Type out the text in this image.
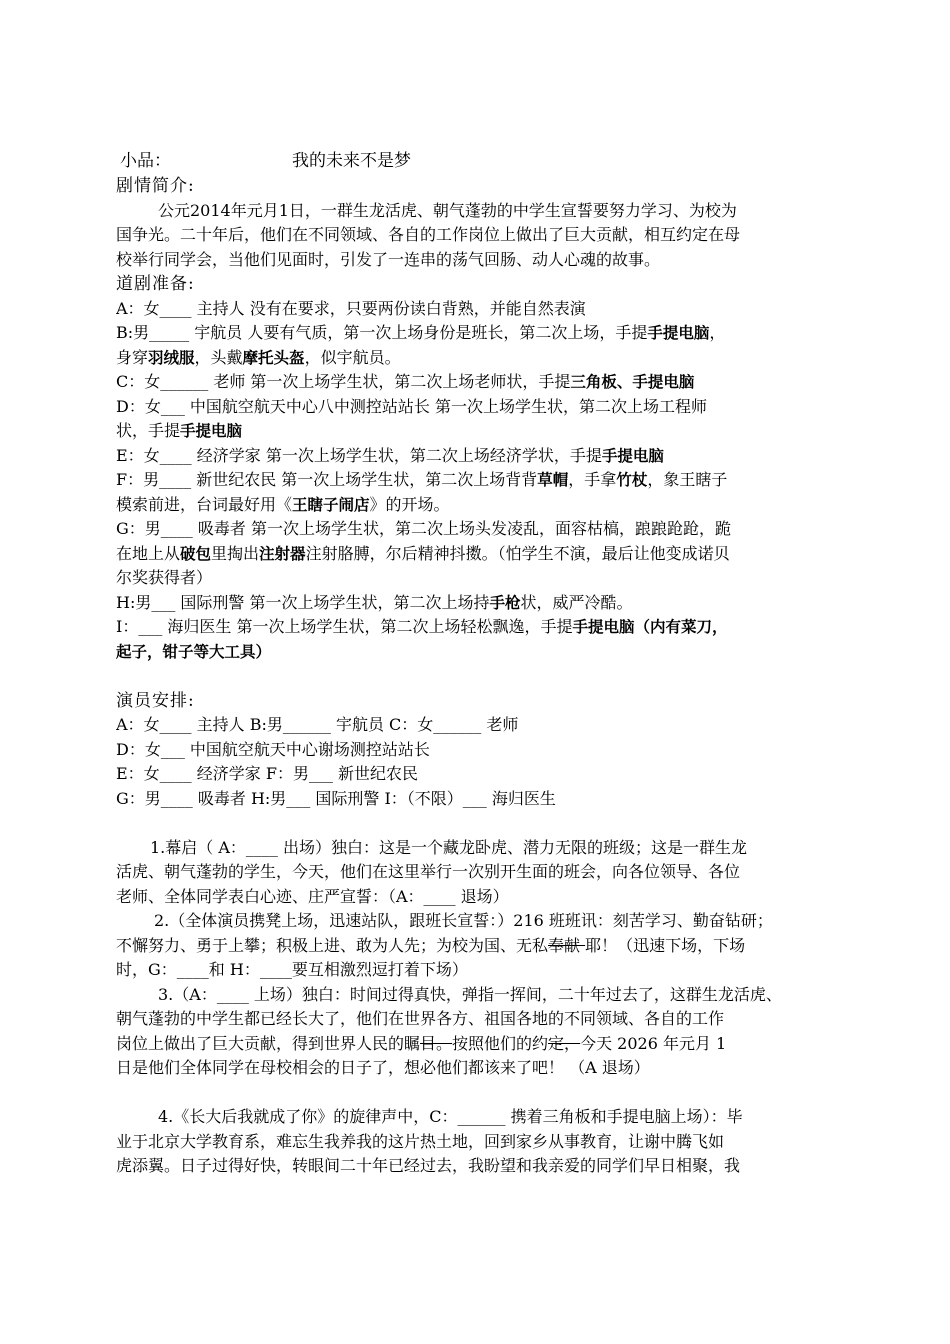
小品：	我的未来不是梦
剧情简介:
公元2014年元月1日，一群生龙活虎、朝气蓬勃的中学生宣誓要努力学习、为校为
国争光。二十年后，他们在不同领域、各自的工作岗位上做出了巨大贡献，相互约定在母
校举行同学会，当他们见面时，引发了一连串的荡气回肠、动人心魂的故事。
道剧准备:
A：女____ 主持人 没有在要求，只要两份读白背熟，并能自然表演
B:男_____ 宇航员 人要有气质，第一次上场身份是班长，第二次上场，手提手提电脑，
身穿羽绒服，头戴摩托头盔，似宇航员。
C：女______ 老师 第一次上场学生状，第二次上场老师状，手提三角板、手提电脑
D：女___ 中国航空航天中心八中测控站站长 第一次上场学生状，第二次上场工程师
状，手提手提电脑
E：女____ 经济学家 第一次上场学生状，第二次上场经济学状，手提手提电脑
F：男____ 新世纪农民 第一次上场学生状，第二次上场背背草帽，手拿竹杖，象王瞎子
模索前进，台词最好用《王瞎子闹店》的开场。
G：男____ 吸毒者 第一次上场学生状，第二次上场头发凌乱，面容枯槁，踉踉跄跄，跪
在地上从破包里掏出注射器注射胳膊，尔后精神抖擞。（怕学生不演，最后让他变成诺贝
尔奖获得者）
H:男___ 国际刑警 第一次上场学生状，第二次上场持手枪状，威严冷酷。
I：___ 海归医生 第一次上场学生状，第二次上场轻松飘逸，手提手提电脑（内有菜刀，
起子，钳子等大工具）
演员安排:
A：女____ 主持人 B:男______ 宇航员 C：女______ 老师
D：女___ 中国航空航天中心谢场测控站站长
E：女____ 经济学家 F：男___ 新世纪农民
G：男____ 吸毒者 H:男___ 国际刑警 I：（不限）___ 海归医生
1.幕启（ A：____ 出场）独白：这是一个藏龙卧虎、潜力无限的班级；这是一群生龙
活虎、朝气蓬勃的学生，今天，他们在这里举行一次别开生面的班会，向各位领导、各位
老师、全体同学表白心迹、庄严宣誓：（A：____ 退场）
2.（全体演员携凳上场，迅速站队，跟班长宣誓：）216 班班讯：刻苦学习、勤奋钻研；
不懈努力、勇于上攀；积极上进、敢为人先；为校为国、无私奉献 耶！（迅速下场，下场
时，G：____和 H：____要互相激烈逗打着下场）
3.（A：____ 上场）独白：时间过得真快，弹指一挥间，二十年过去了，这群生龙活虎、
朝气蓬勃的中学生都已经长大了，他们在世界各方、祖国各地的不同领域、各自的工作
岗位上做出了巨大贡献，得到世界人民的瞩目。按照他们的约定，今天 2026 年元月 1
日是他们全体同学在母校相会的日子了，想必他们都该来了吧！ （A 退场）
4.《长大后我就成了你》的旋律声中，C：______ 携着三角板和手提电脑上场）：毕
业于北京大学教育系，难忘生我养我的这片热土地，回到家乡从事教育，让谢中腾飞如
虎添翼。日子过得好快，转眼间二十年已经过去，我盼望和我亲爱的同学们早日相聚，我
